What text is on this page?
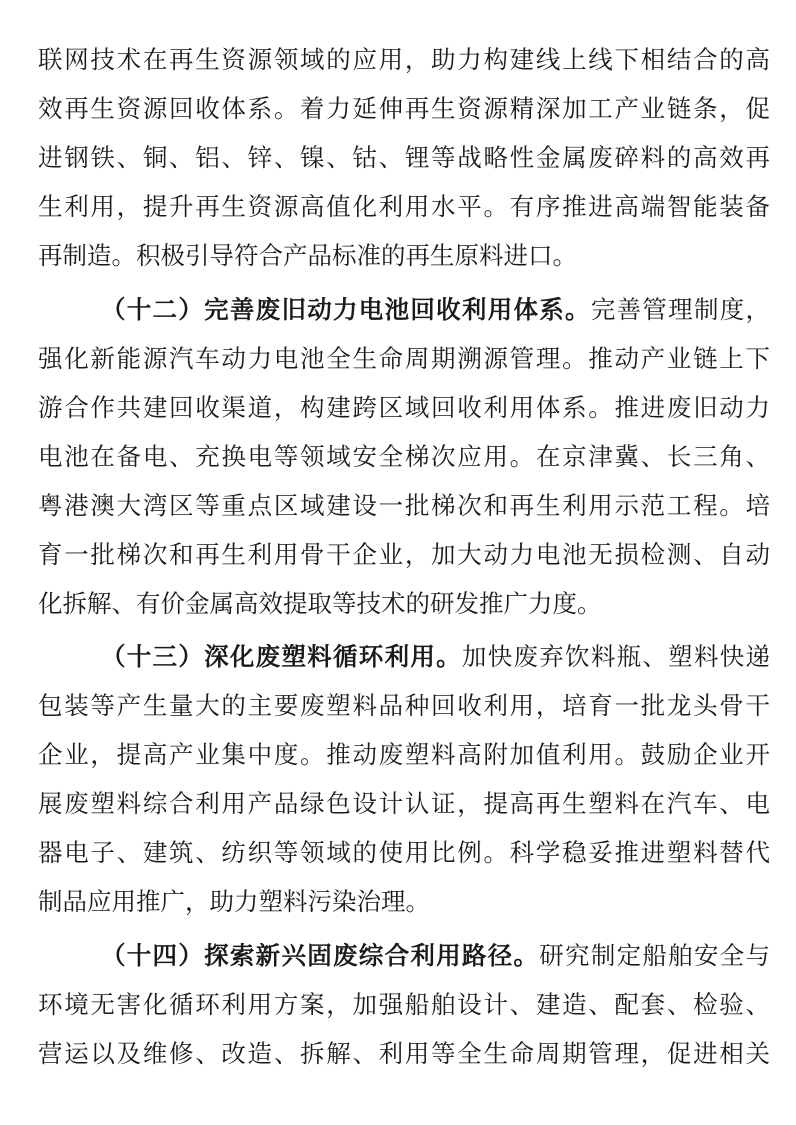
联网技术在再生资源领域的应用，助力构建线上线下相结合的高
效再生资源回收体系。着力延伸再生资源精深加工产业链条，促
进钢铁、铜、铝、锌、镍、钴、锂等战略性金属废碎料的高效再
生利用，提升再生资源高值化利用水平。有序推进高端智能装备
再制造。积极引导符合产品标准的再生原料进口。
（十二）完善废旧动力电池回收利用体系。完善管理制度，
强化新能源汽车动力电池全生命周期溯源管理。推动产业链上下
游合作共建回收渠道，构建跨区域回收利用体系。推进废旧动力
电池在备电、充换电等领域安全梯次应用。在京津冀、长三角、
粤港澳大湾区等重点区域建设一批梯次和再生利用示范工程。培
育一批梯次和再生利用骨干企业，加大动力电池无损检测、自动
化拆解、有价金属高效提取等技术的研发推广力度。
（十三）深化废塑料循环利用。加快废弃饮料瓶、塑料快递
包装等产生量大的主要废塑料品种回收利用，培育一批龙头骨干
企业，提高产业集中度。推动废塑料高附加值利用。鼓励企业开
展废塑料综合利用产品绿色设计认证，提高再生塑料在汽车、电
器电子、建筑、纺织等领域的使用比例。科学稳妥推进塑料替代
制品应用推广，助力塑料污染治理。
（十四）探索新兴固废综合利用路径。研究制定船舶安全与
环境无害化循环利用方案，加强船舶设计、建造、配套、检验、
营运以及维修、改造、拆解、利用等全生命周期管理，促进相关
